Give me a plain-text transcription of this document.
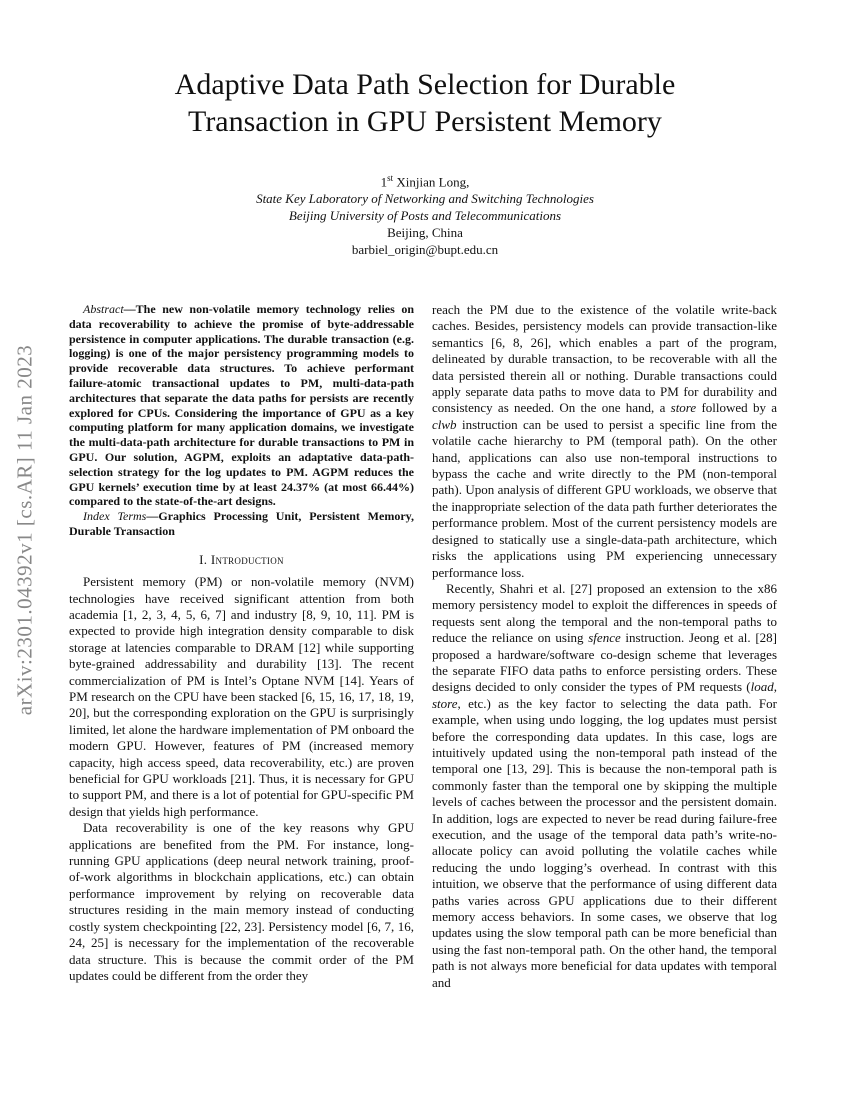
arXiv:2301.04392v1 [cs.AR] 11 Jan 2023
Adaptive Data Path Selection for Durable
Transaction in GPU Persistent Memory
1st Xinjian Long,
State Key Laboratory of Networking and Switching Technologies
Beijing University of Posts and Telecommunications
Beijing, China
barbiel_origin@bupt.edu.cn

Abstract—The new non-volatile memory technology relies on data recoverability to achieve the promise of byte-addressable persistence in computer applications. The durable transaction (e.g. logging) is one of the major persistency programming models to provide recoverable data structures. To achieve performant failure-atomic transactional updates to PM, multi-data-path architectures that separate the data paths for persists are recently explored for CPUs. Considering the importance of GPU as a key computing platform for many application domains, we investigate the multi-data-path architecture for durable transactions to PM in GPU. Our solution, AGPM, exploits an adaptative data-path-selection strategy for the log updates to PM. AGPM reduces the GPU kernels’ execution time by at least 24.37% (at most 66.44%) compared to the state-of-the-art designs.

Index Terms—Graphics Processing Unit, Persistent Memory, Durable Transaction

I. Introduction

Persistent memory (PM) or non-volatile memory (NVM) technologies have received significant attention from both academia [1, 2, 3, 4, 5, 6, 7] and industry [8, 9, 10, 11]. PM is expected to provide high integration density comparable to disk storage at latencies comparable to DRAM [12] while supporting byte-grained addressability and durability [13]. The recent commercialization of PM is Intel’s Optane NVM [14]. Years of PM research on the CPU have been stacked [6, 15, 16, 17, 18, 19, 20], but the corresponding exploration on the GPU is surprisingly limited, let alone the hardware implementation of PM onboard the modern GPU. However, features of PM (increased memory capacity, high access speed, data recoverability, etc.) are proven beneficial for GPU workloads [21]. Thus, it is necessary for GPU to support PM, and there is a lot of potential for GPU-specific PM design that yields high performance.

Data recoverability is one of the key reasons why GPU applications are benefited from the PM. For instance, long-running GPU applications (deep neural network training, proof-of-work algorithms in blockchain applications, etc.) can obtain performance improvement by relying on recoverable data structures residing in the main memory instead of conducting costly system checkpointing [22, 23]. Persistency model [6, 7, 16, 24, 25] is necessary for the implementation of the recoverable data structure. This is because the commit order of the PM updates could be different from the order they

reach the PM due to the existence of the volatile write-back caches. Besides, persistency models can provide transaction-like semantics [6, 8, 26], which enables a part of the program, delineated by durable transaction, to be recoverable with all the data persisted therein all or nothing. Durable transactions could apply separate data paths to move data to PM for durability and consistency as needed. On the one hand, a store followed by a clwb instruction can be used to persist a specific line from the volatile cache hierarchy to PM (temporal path). On the other hand, applications can also use non-temporal instructions to bypass the cache and write directly to the PM (non-temporal path). Upon analysis of different GPU workloads, we observe that the inappropriate selection of the data path further deteriorates the performance problem. Most of the current persistency models are designed to statically use a single-data-path architecture, which risks the applications using PM experiencing unnecessary performance loss.

Recently, Shahri et al. [27] proposed an extension to the x86 memory persistency model to exploit the differences in speeds of requests sent along the temporal and the non-temporal paths to reduce the reliance on using sfence instruction. Jeong et al. [28] proposed a hardware/software co-design scheme that leverages the separate FIFO data paths to enforce persisting orders. These designs decided to only consider the types of PM requests (load, store, etc.) as the key factor to selecting the data path. For example, when using undo logging, the log updates must persist before the corresponding data updates. In this case, logs are intuitively updated using the non-temporal path instead of the temporal one [13, 29]. This is because the non-temporal path is commonly faster than the temporal one by skipping the multiple levels of caches between the processor and the persistent domain. In addition, logs are expected to never be read during failure-free execution, and the usage of the temporal data path’s write-no-allocate policy can avoid polluting the volatile caches while reducing the undo logging’s overhead. In contrast with this intuition, we observe that the performance of using different data paths varies across GPU applications due to their different memory access behaviors. In some cases, we observe that log updates using the slow temporal path can be more beneficial than using the fast non-temporal path. On the other hand, the temporal path is not always more beneficial for data updates with temporal and
